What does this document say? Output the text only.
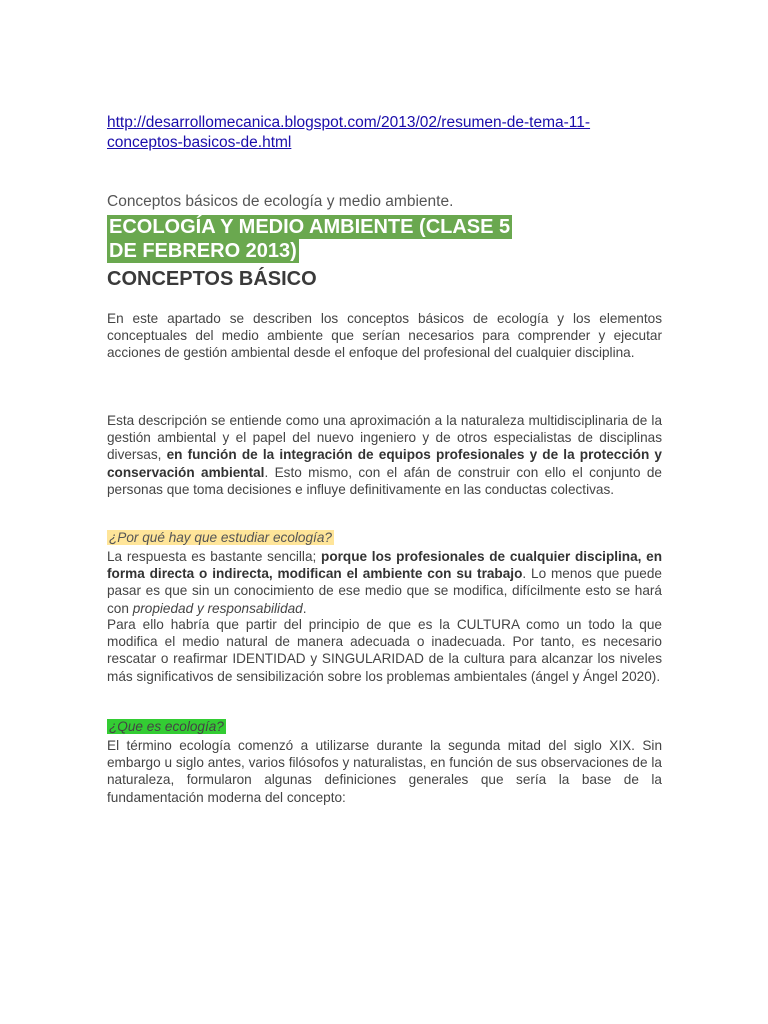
http://desarrollomecanica.blogspot.com/2013/02/resumen-de-tema-11-
conceptos-basicos-de.html
Conceptos básicos de ecología y medio ambiente.
ECOLOGÍA Y MEDIO AMBIENTE (CLASE 5
DE FEBRERO 2013)
CONCEPTOS BÁSICO

En este apartado se describen los conceptos básicos de ecología y los elementos conceptuales del medio ambiente que serían necesarios para comprender y ejecutar acciones de gestión ambiental desde el enfoque del profesional del cualquier disciplina.

Esta descripción se entiende como una aproximación a la naturaleza multidisciplinaria de la gestión ambiental y el papel del nuevo ingeniero y de otros especialistas de disciplinas diversas, en función de la integración de equipos profesionales y de la protección y conservación ambiental. Esto mismo, con el afán de construir con ello el conjunto de personas que toma decisiones e influye definitivamente en las conductas colectivas.

¿Por qué hay que estudiar ecología?

La respuesta es bastante sencilla; porque los profesionales de cualquier disciplina, en forma directa o indirecta, modifican el ambiente con su trabajo. Lo menos que puede pasar es que sin un conocimiento de ese medio que se modifica, difícilmente esto se hará con propiedad y responsabilidad.

Para ello habría que partir del principio de que es la CULTURA como un todo la que modifica el medio natural de manera adecuada o inadecuada. Por tanto, es necesario rescatar o reafirmar IDENTIDAD y SINGULARIDAD de la cultura para alcanzar los niveles más significativos de sensibilización sobre los problemas ambientales (ángel y Ángel 2020).

¿Que es ecología?

El término ecología comenzó a utilizarse durante la segunda mitad del siglo XIX. Sin embargo u siglo antes, varios filósofos y naturalistas, en función de sus observaciones de la naturaleza, formularon algunas definiciones generales que sería la base de la fundamentación moderna del concepto:
